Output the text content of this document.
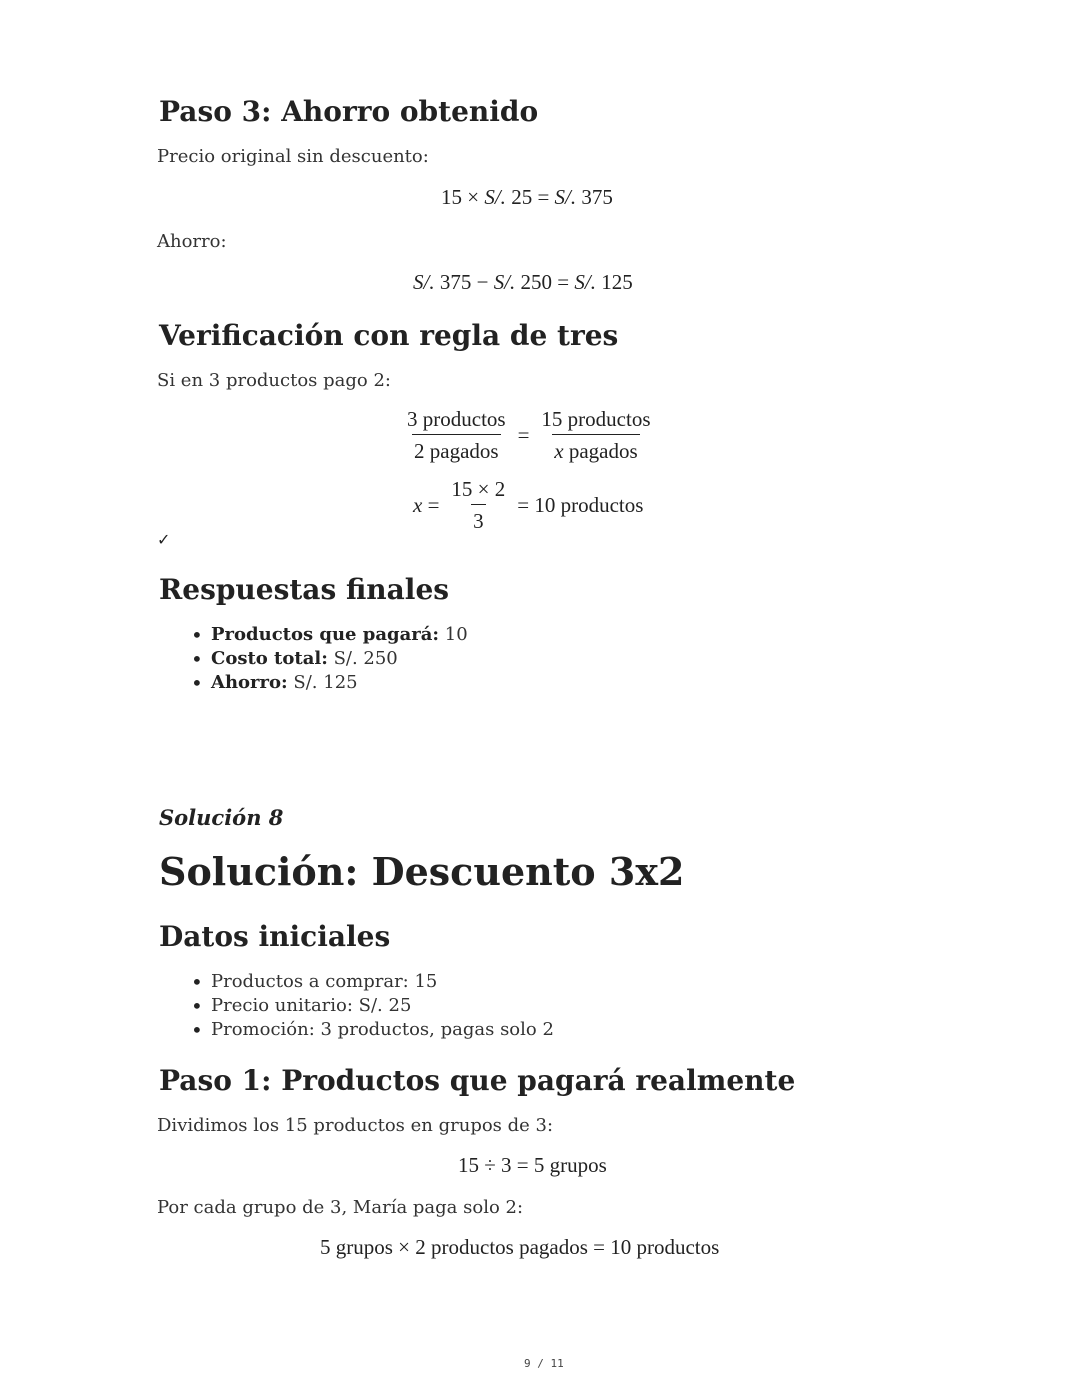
Paso 3: Ahorro obtenido

Precio original sin descuento:

15 × S/. 25 = S/. 375

Ahorro:

S/. 375 − S/. 250 = S/. 125
Verificación con regla de tres

Si en 3 productos pago 2:

$\frac{\text{3 productos}}{\text{2 pagados}} = \frac{\text{15 productos}}{\text{x pagados}}$
$x = \frac{15 \times 2}{3} = 10$ productos
✓
Respuestas finales
• Productos que pagará: 10
• Costo total: S/. 250
• Ahorro: S/. 125
Solución 8
Solución: Descuento 3x2
Datos iniciales
• Productos a comprar: 15
• Precio unitario: S/. 25
• Promoción: 3 productos, pagas solo 2
Paso 1: Productos que pagará realmente

Dividimos los 15 productos en grupos de 3:

15 ÷ 3 = 5 grupos

Por cada grupo de 3, María paga solo 2:

5 grupos × 2 productos pagados = 10 productos
9 / 11
